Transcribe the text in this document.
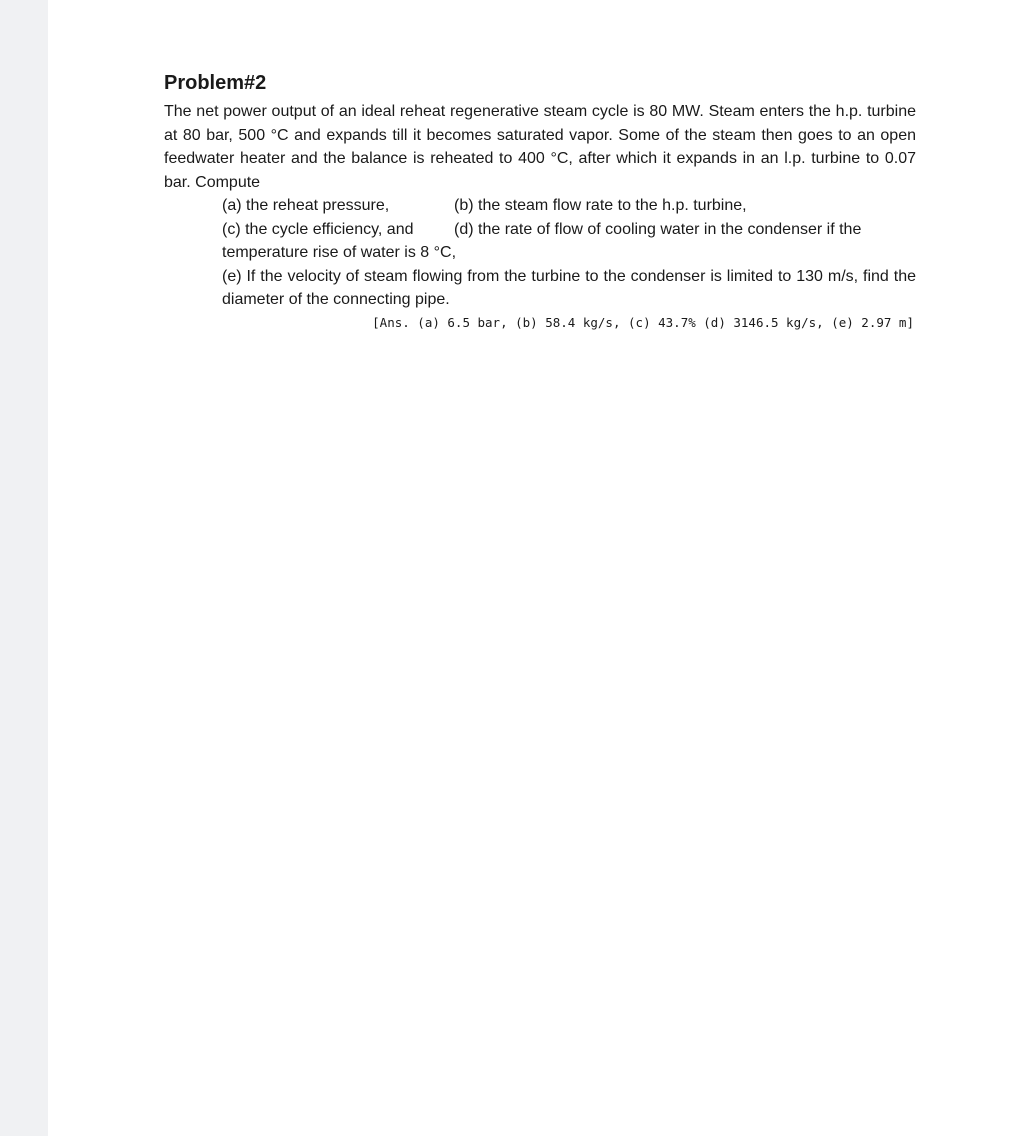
Problem#2

The net power output of an ideal reheat regenerative steam cycle is 80 MW. Steam enters the h.p. turbine at 80 bar, 500 °C and expands till it becomes saturated vapor. Some of the steam then goes to an open feedwater heater and the balance is reheated to 400 °C, after which it expands in an l.p. turbine to 0.07 bar. Compute

(a) the reheat pressure,	(b) the steam flow rate to the h.p. turbine,
(c) the cycle efficiency, and	(d) the rate of flow of cooling water in the condenser if the
temperature rise of water is 8 °C,
(e) If the velocity of steam flowing from the turbine to the condenser is limited to 130 m/s, find the diameter of the connecting pipe.
[Ans. (a) 6.5 bar, (b) 58.4 kg/s, (c) 43.7% (d) 3146.5 kg/s, (e) 2.97 m]
